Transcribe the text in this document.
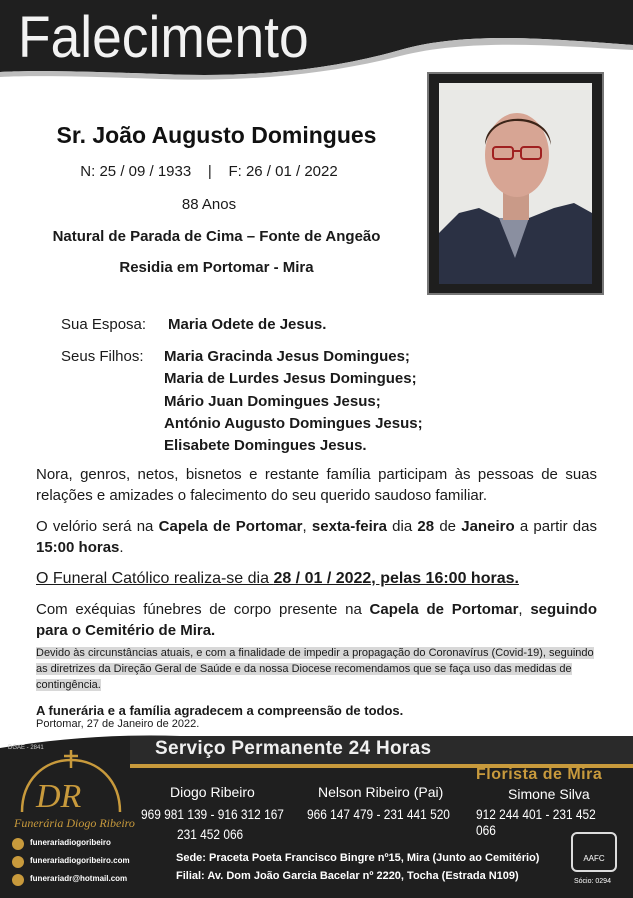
Falecimento
Sr. João Augusto Domingues
N: 25 / 09 / 1933    |    F: 26 / 01 / 2022
88 Anos
Natural de Parada de Cima – Fonte de Angeão
Residia em Portomar - Mira
Sua Esposa: Maria Odete de Jesus.
Seus Filhos: Maria Gracinda Jesus Domingues;
Maria de Lurdes Jesus Domingues;
Mário Juan Domingues Jesus;
António Augusto Domingues Jesus;
Elisabete Domingues Jesus.
Nora, genros, netos, bisnetos e restante família participam às pessoas de suas relações e amizades o falecimento do seu querido saudoso familiar.
O velório será na Capela de Portomar, sexta-feira dia 28 de Janeiro a partir das 15:00 horas.
O Funeral Católico realiza-se dia 28 / 01 / 2022, pelas 16:00 horas.
Com exéquias fúnebres de corpo presente na Capela de Portomar, seguindo para o Cemitério de Mira.
Devido às circunstâncias atuais, e com a finalidade de impedir a propagação do Coronavírus (Covid-19), seguindo as diretrizes da Direção Geral de Saúde e da nossa Diocese recomendamos que se faça uso das medidas de contingência.
A funerária e a família agradecem a compreensão de todos.
Portomar, 27 de Janeiro de 2022.
DGAE - 2841	Serviço Permanente 24 Horas
DR
Funerária Diogo Ribeiro
Diogo Ribeiro
969 981 139 - 916 312 167
231 452 066
Nelson Ribeiro (Pai)
966 147 479 - 231 441 520
Florista de Mira
Simone Silva
912 244 401 - 231 452 066
funerariadiogoribeiro
funerariadiogoribeiro.com
funerariadr@hotmail.com
Sede: Praceta Poeta Francisco Bingre nº15, Mira (Junto ao Cemitério)
Filial: Av. Dom João Garcia Bacelar nº 2220, Tocha (Estrada N109)
AAFC
Sócio: 0294
